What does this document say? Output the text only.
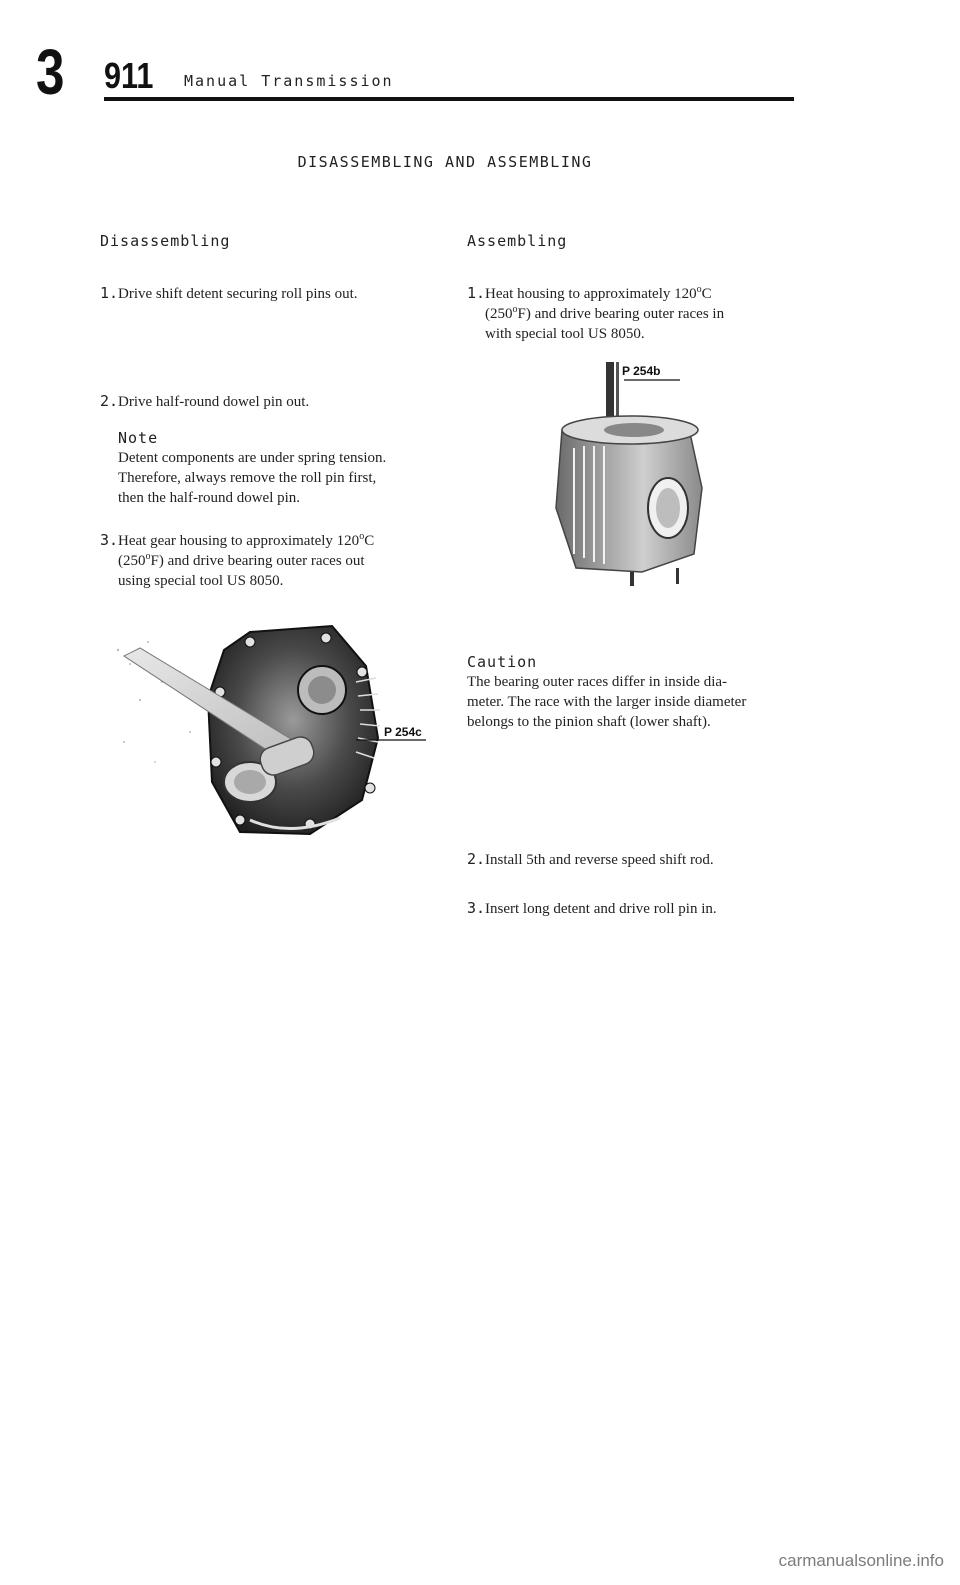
3 911 Manual Transmission
DISASSEMBLING AND ASSEMBLING
Disassembling
1.Drive shift detent securing roll pins out.
2.Drive half-round dowel pin out.
Note
Detent components are under spring tension.
Therefore, always remove the roll pin first,
then the half-round dowel pin.
3.Heat gear housing to approximately 120$^o$C
(250$^o$F) and drive bearing outer races out
using special tool US 8050.
P 254c
Assembling
1.Heat housing to approximately 120$^o$C
(250$^o$F) and drive bearing outer races in
with special tool US 8050.
P 254b
Caution
The bearing outer races differ in inside dia-
meter. The race with the larger inside diameter
belongs to the pinion shaft (lower shaft).
2.Install 5th and reverse speed shift rod.
3.Insert long detent and drive roll pin in.
carmanualsonline.info
